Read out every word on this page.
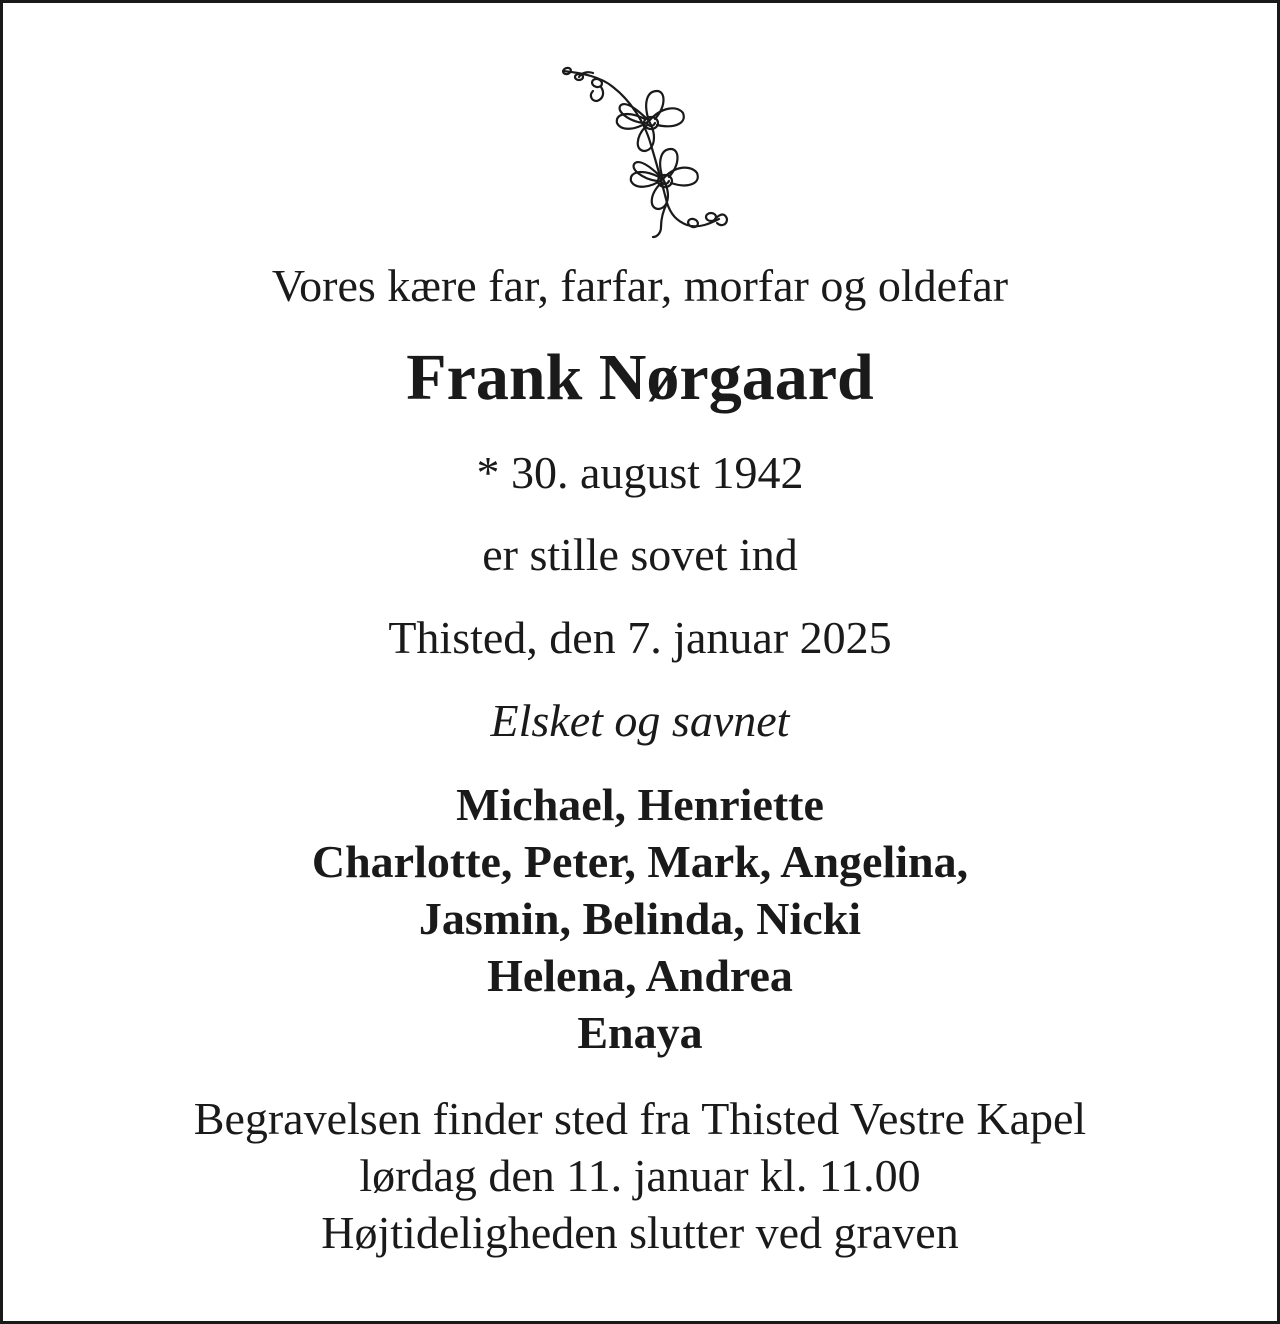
Vores kære far, farfar, morfar og oldefar

Frank Nørgaard

* 30. august 1942

er stille sovet ind

Thisted, den 7. januar 2025

Elsket og savnet

Michael, Henriette
Charlotte, Peter, Mark, Angelina,
Jasmin, Belinda, Nicki
Helena, Andrea
Enaya
Begravelsen finder sted fra Thisted Vestre Kapel
lørdag den 11. januar kl. 11.00
Højtideligheden slutter ved graven
